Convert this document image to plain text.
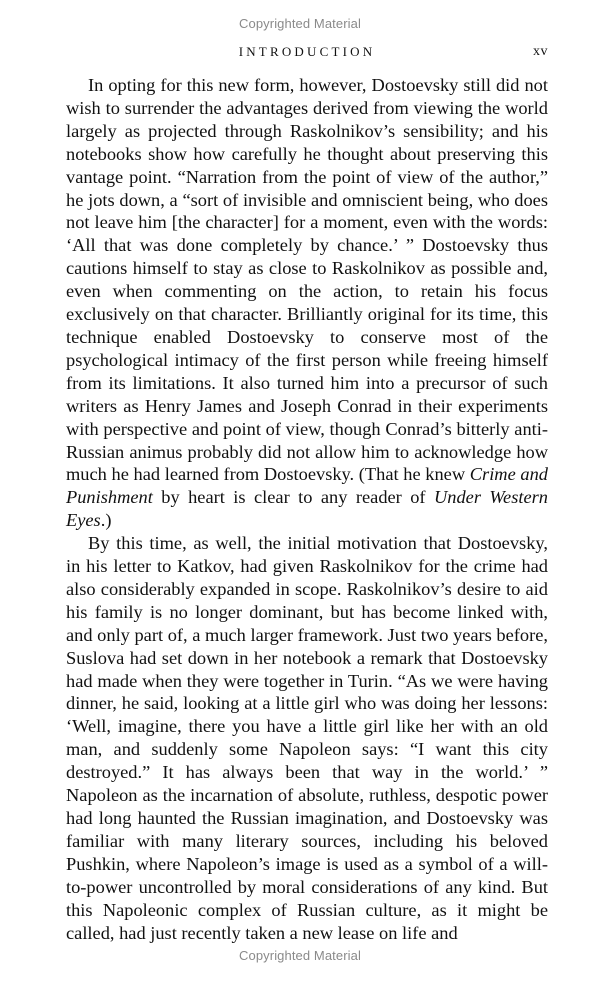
Copyrighted Material
INTRODUCTION	xv

In opting for this new form, however, Dostoevsky still did not wish to surrender the advantages derived from viewing the world largely as projected through Raskolnikov’s sensibility; and his notebooks show how carefully he thought about preserving this vantage point. “Narration from the point of view of the author,” he jots down, a “sort of invisible and omniscient being, who does not leave him [the character] for a moment, even with the words: ‘All that was done completely by chance.’ ” Dostoevsky thus cautions himself to stay as close to Raskolnikov as possible and, even when commenting on the action, to retain his focus exclusively on that character. Brilliantly original for its time, this technique enabled Dostoevsky to conserve most of the psychological intimacy of the first person while freeing himself from its limitations. It also turned him into a precursor of such writers as Henry James and Joseph Conrad in their experiments with perspective and point of view, though Conrad’s bitterly anti-Russian animus probably did not allow him to acknowledge how much he had learned from Dostoevsky. (That he knew Crime and Punishment by heart is clear to any reader of Under Western Eyes.)

By this time, as well, the initial motivation that Dostoevsky, in his letter to Katkov, had given Raskolnikov for the crime had also considerably expanded in scope. Raskolnikov’s desire to aid his family is no longer dominant, but has become linked with, and only part of, a much larger framework. Just two years before, Suslova had set down in her notebook a remark that Dostoevsky had made when they were together in Turin. “As we were having dinner, he said, looking at a little girl who was doing her lessons: ‘Well, imagine, there you have a little girl like her with an old man, and suddenly some Napoleon says: “I want this city destroyed.” It has always been that way in the world.’ ” Napoleon as the incarnation of absolute, ruthless, despotic power had long haunted the Russian imagination, and Dostoevsky was familiar with many literary sources, including his beloved Pushkin, where Napoleon’s image is used as a symbol of a will-to-power uncontrolled by moral considerations of any kind. But this Napoleonic complex of Russian culture, as it might be called, had just recently taken a new lease on life and

Copyrighted Material
